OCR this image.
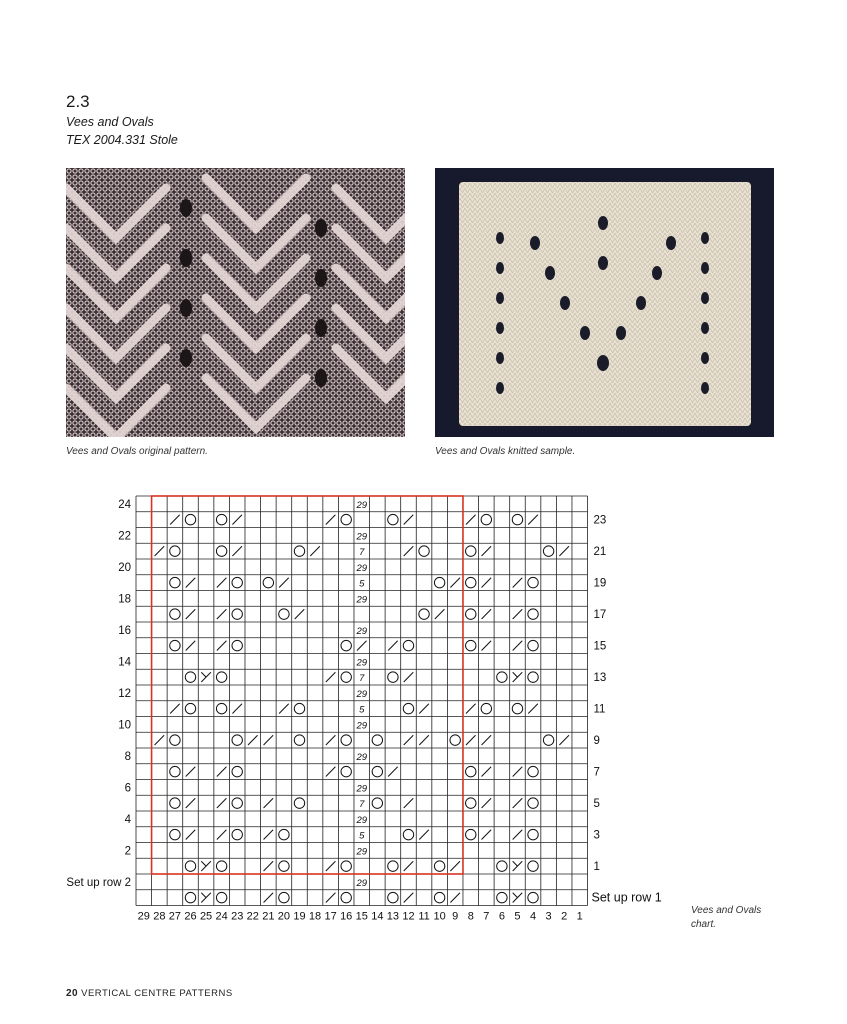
2.3
Vees and Ovals
TEX 2004.331 Stole
Vees and Ovals original pattern.	Vees and Ovals knitted sample.
29
29
7
29
5
29
29
29
7
29
5
29
29
29
7
29
5
29
29
24
22
20
18
16
14
12
10
8
6
4
2
23
21
19
17
15
13
11
9
7
5
3
1
Set up row 2
Set up row 1
29 28 27 26 25 24 23 22 21 20 19 18 17 16 15 14 13 12 11 10 9 8 7 6 5 4 3 2 1	Vees and Ovals
chart.
20 VERTICAL CENTRE PATTERNS
